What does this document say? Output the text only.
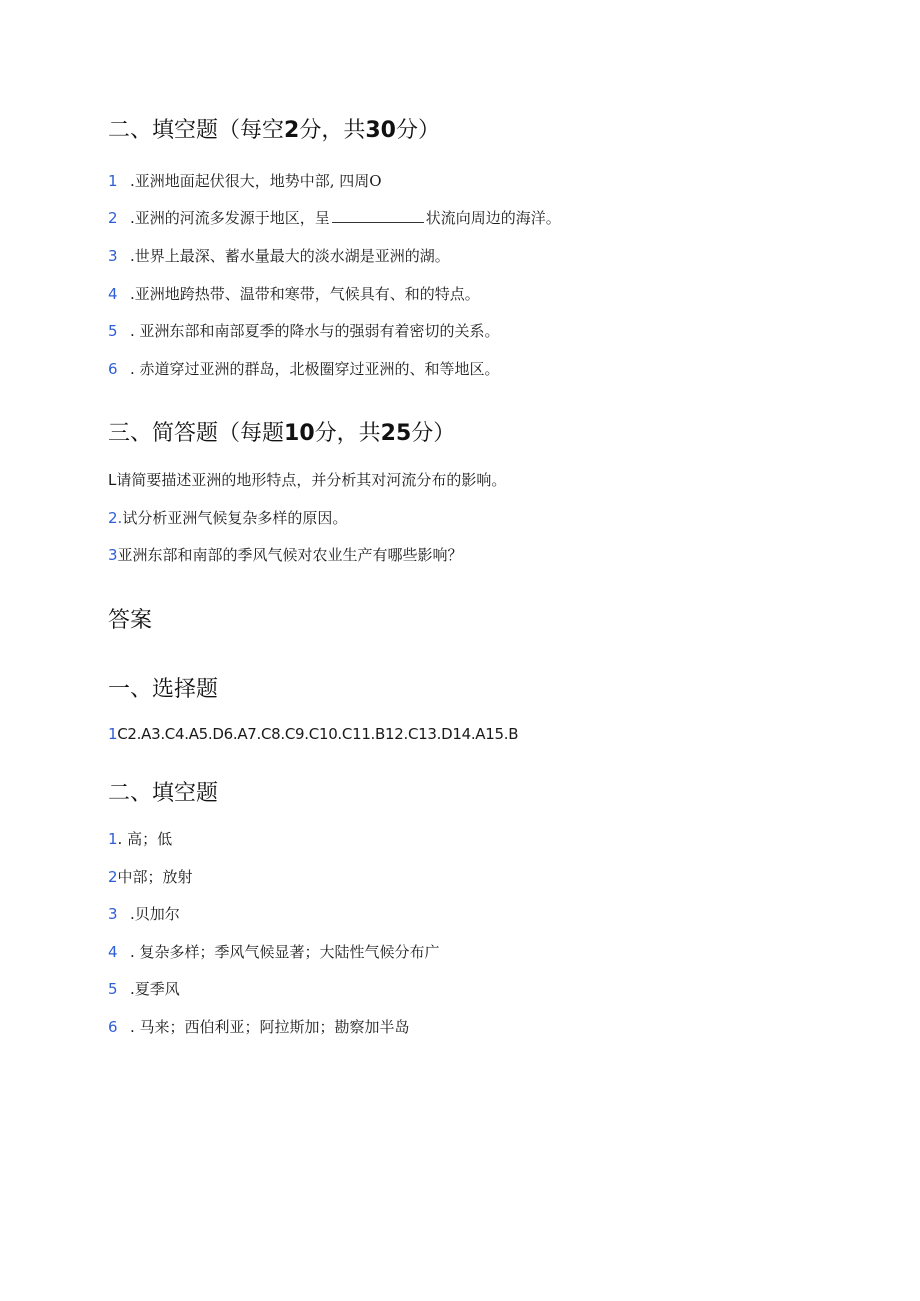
二、填空题（每空2分，共30分）
1 .亚洲地面起伏很大，地势中部, 四周O
2 .亚洲的河流多发源于地区，呈	状流向周边的海洋。
3 .世界上最深、蓄水量最大的淡水湖是亚洲的湖。
4 .亚洲地跨热带、温带和寒带，气候具有、和的特点。
5 . 亚洲东部和南部夏季的降水与的强弱有着密切的关系。
6 . 赤道穿过亚洲的群岛，北极圈穿过亚洲的、和等地区。
三、简答题（每题10分，共25分）
L请简要描述亚洲的地形特点，并分析其对河流分布的影响。
2.试分析亚洲气候复杂多样的原因。
3亚洲东部和南部的季风气候对农业生产有哪些影响？
答案
一、选择题
1C2.A3.C4.A5.D6.A7.C8.C9.C10.C11.B12.C13.D14.A15.B
二、填空题
1. 高；低
2中部；放射
3 .贝加尔
4 . 复杂多样；季风气候显著；大陆性气候分布广
5 .夏季风
6 . 马来；西伯利亚；阿拉斯加；勘察加半岛
